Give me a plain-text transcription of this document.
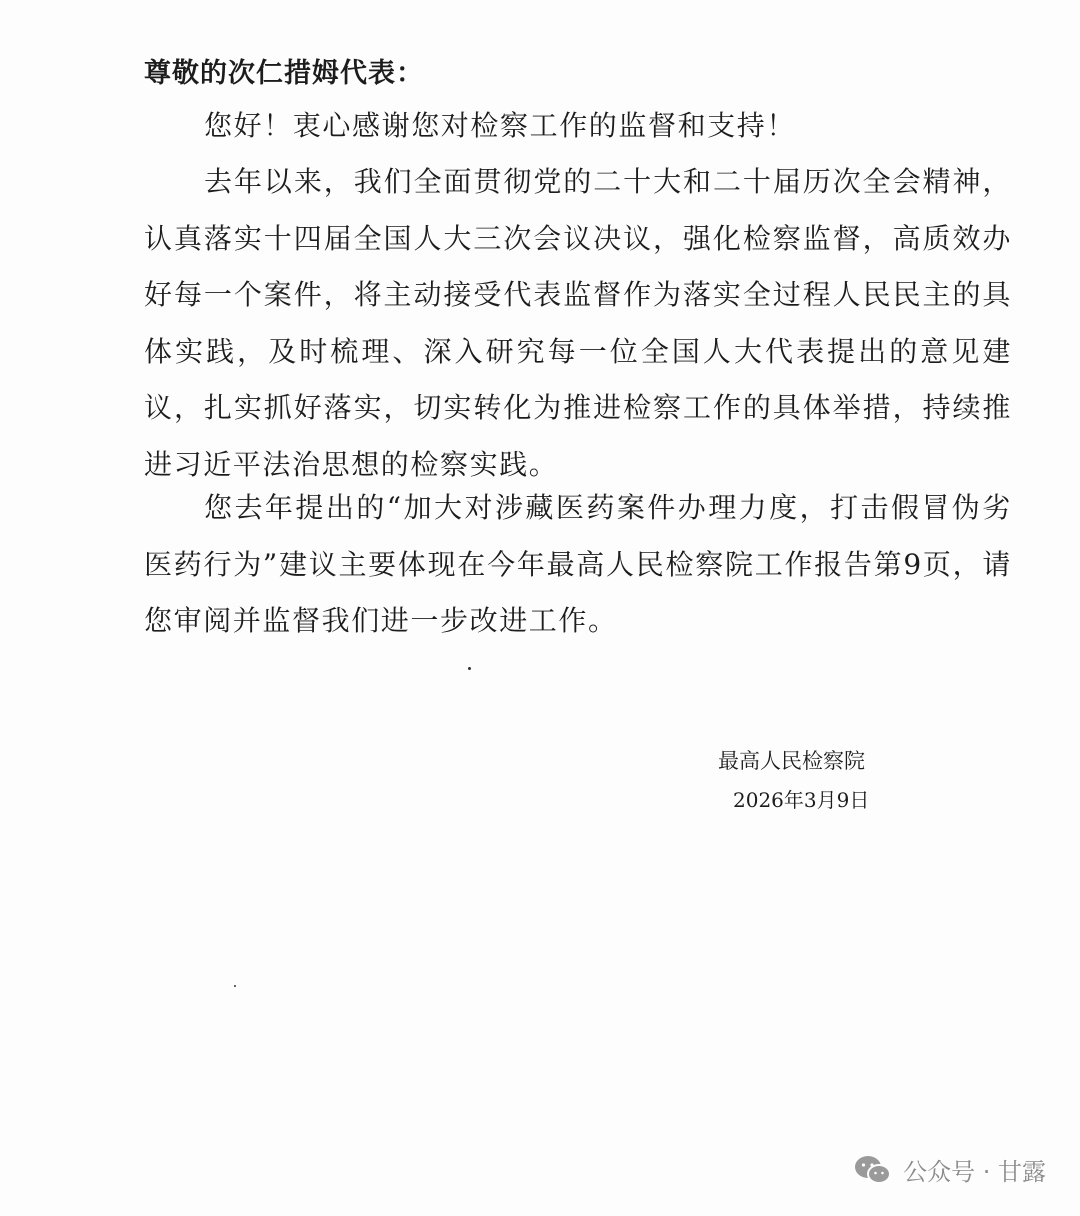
尊敬的次仁措姆代表：

您好！衷心感谢您对检察工作的监督和支持！

去年以来，我们全面贯彻党的二十大和二十届历次全会精神，认真落实十四届全国人大三次会议决议，强化检察监督，高质效办好每一个案件，将主动接受代表监督作为落实全过程人民民主的具体实践，及时梳理、深入研究每一位全国人大代表提出的意见建议，扎实抓好落实，切实转化为推进检察工作的具体举措，持续推进习近平法治思想的检察实践。

您去年提出的“加大对涉藏医药案件办理力度，打击假冒伪劣医药行为”建议主要体现在今年最高人民检察院工作报告第9页，请您审阅并监督我们进一步改进工作。

最高人民检察院
2026年3月9日
公众号 · 甘露
